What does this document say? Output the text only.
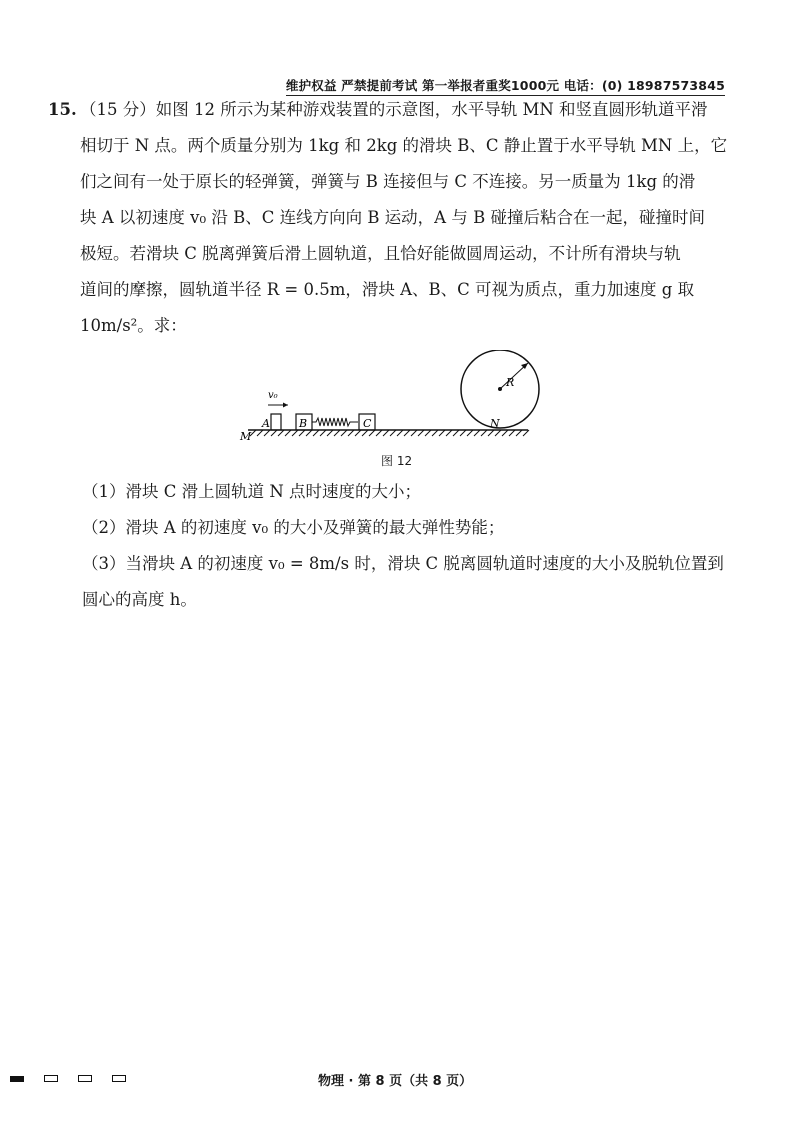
维护权益 严禁提前考试 第一举报者重奖1000元 电话：(0) 18987573845
15. （15 分）如图 12 所示为某种游戏装置的示意图，水平导轨 MN 和竖直圆形轨道平滑
相切于 N 点。两个质量分别为 1kg 和 2kg 的滑块 B、C 静止置于水平导轨 MN 上，它
们之间有一处于原长的轻弹簧，弹簧与 B 连接但与 C 不连接。另一质量为 1kg 的滑
块 A 以初速度 v₀ 沿 B、C 连线方向向 B 运动，A 与 B 碰撞后粘合在一起，碰撞时间
极短。若滑块 C 脱离弹簧后滑上圆轨道，且恰好能做圆周运动，不计所有滑块与轨
道间的摩擦，圆轨道半径 R = 0.5m，滑块 A、B、C 可视为质点，重力加速度 g 取
10m/s²。求：
R
N
M
v₀
A	B	C
图 12
（1）滑块 C 滑上圆轨道 N 点时速度的大小；
（2）滑块 A 的初速度 v₀ 的大小及弹簧的最大弹性势能；
（3）当滑块 A 的初速度 v₀ = 8m/s 时，滑块 C 脱离圆轨道时速度的大小及脱轨位置到
圆心的高度 h。
物理 · 第 8 页（共 8 页）
